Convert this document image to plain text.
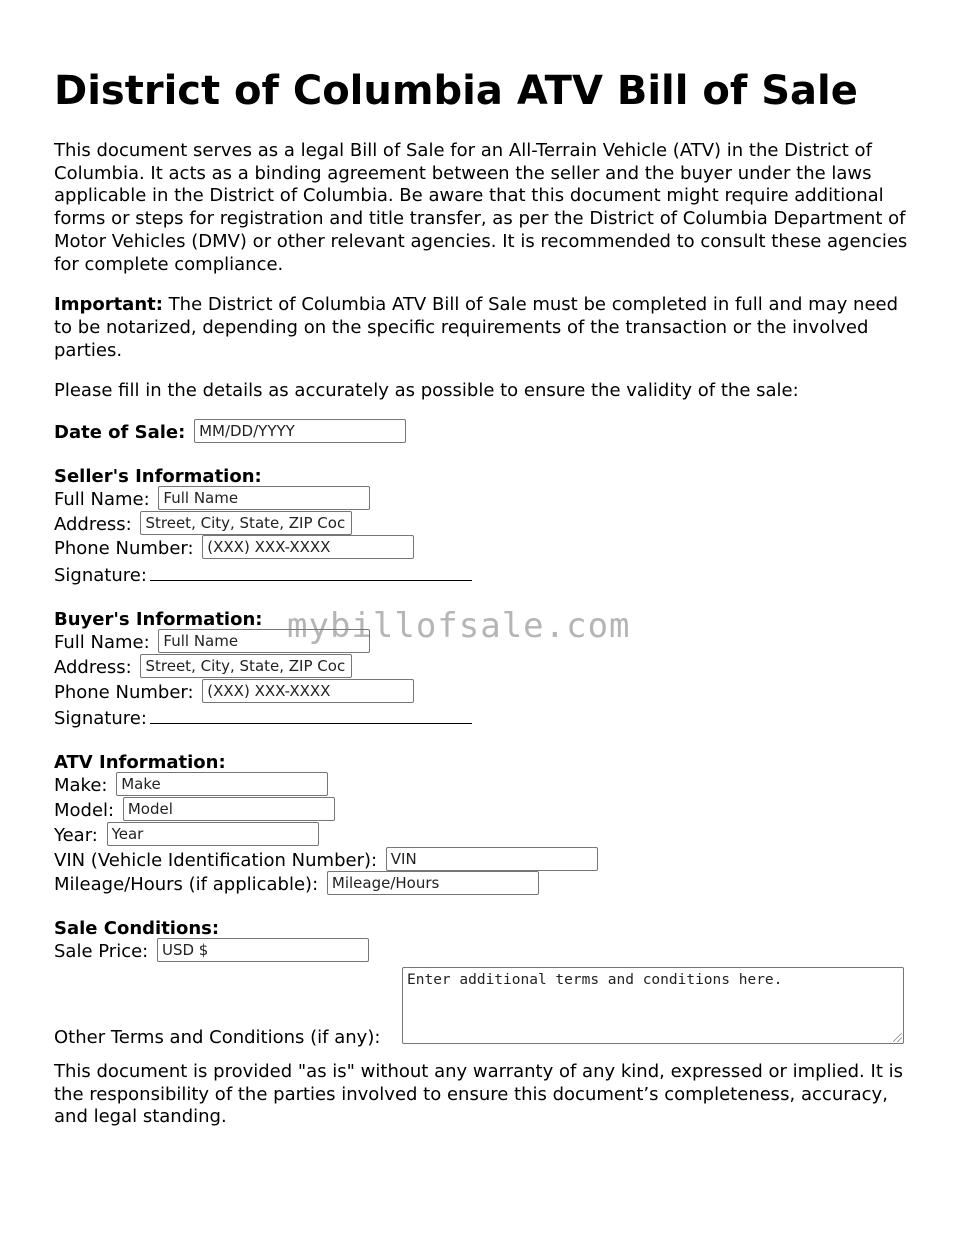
District of Columbia ATV Bill of Sale

This document serves as a legal Bill of Sale for an All-Terrain Vehicle (ATV) in the District of Columbia. It acts as a binding agreement between the seller and the buyer under the laws applicable in the District of Columbia. Be aware that this document might require additional forms or steps for registration and title transfer, as per the District of Columbia Department of Motor Vehicles (DMV) or other relevant agencies. It is recommended to consult these agencies for complete compliance.

Important: The District of Columbia ATV Bill of Sale must be completed in full and may need to be notarized, depending on the specific requirements of the transaction or the involved parties.

Please fill in the details as accurately as possible to ensure the validity of the sale:

Date of Sale: MM/DD/YYYY
Seller's Information:
Full Name: Full Name
Address: Street, City, State, ZIP Coc
Phone Number: (XXX) XXX-XXXX
Signature:
Buyer's Information:
Full Name: Full Name
Address: Street, City, State, ZIP Coc
Phone Number: (XXX) XXX-XXXX
Signature:
ATV Information:
Make: Make
Model: Model
Year: Year
VIN (Vehicle Identification Number): VIN
Mileage/Hours (if applicable): Mileage/Hours
Sale Conditions:
Sale Price: USD $
Other Terms and Conditions (if any):
Enter additional terms and conditions here.

This document is provided "as is" without any warranty of any kind, expressed or implied. It is the responsibility of the parties involved to ensure this document’s completeness, accuracy, and legal standing.

mybillofsale.com
